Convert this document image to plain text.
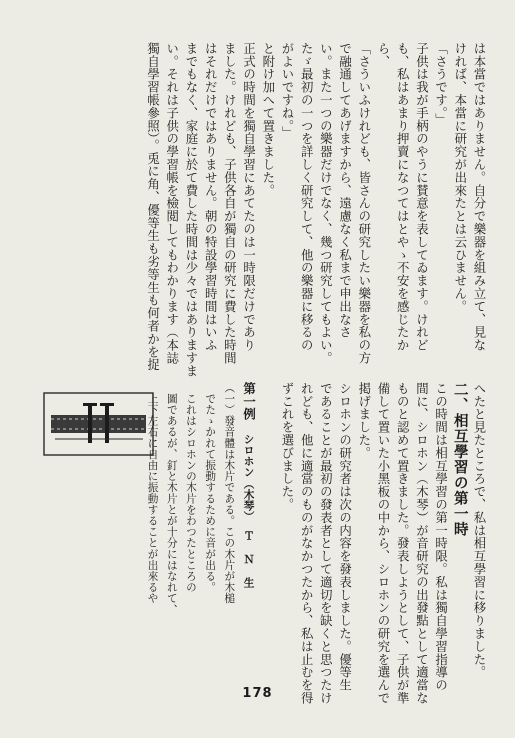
は本當ではありません。自分で樂器を組み立て、見な

ければ、本當に研究が出來たとは云ひません。

「さうです。」

子供は我が手柄のやうに賛意を表してゐます。けれど

も、私はあまり押賣になつてはとやゝ不安を感じたか

ら、

「さういふけれども、皆さんの研究したい樂器を私の方

で融通してあげますから、遠慮なく私まで申出なさ

い。また一つの樂器だけでなく、幾つ研究してもよい。

たゞ最初の一つを詳しく研究して、他の樂器に移るの

がよいですね。」

と附け加へて置きました。

正式の時間を獨自學習にあてたのは一時限だけであり

ました。けれども、子供各自が獨自の研究に費した時間

はそれだけではありません。朝の特設學習時間はいふ

までもなく、家庭に於て費した時間は少々ではありますま

い。それは子供の學習帳を檢閲してもわかります（本誌

獨自學習帳參照）。兎に角、優等生も劣等生も何者かを捉

へたと見たところで、私は相互學習に移りました。

二、相互學習の第一時

この時間は相互學習の第一時限。私は獨自學習指導の

間に、シロホン（木琴）が音研究の出發點として適當な

ものと認めて置きました。發表しようとして、子供が準

備して置いた小黑板の中から、シロホンの研究を選んで

掲げました。

シロホンの研究者は次の内容を發表しました。優等生

であることが最初の發表者として適切を缺くと思つたけ

れども、他に適當のものがなかつたから、私は止むを得

ずこれを選びました。

第一例　シロホン（木琴）　Ｔ Ｎ 生

（一）發音體は木片である。この木片が木槌

　でたゝかれて振動するために音が出る。

　これはシロホンの木片をわつたところの

　圖であるが、釘と木片とが十分にはなれて、

　上下左右に自由に振動することが出來るや

178
